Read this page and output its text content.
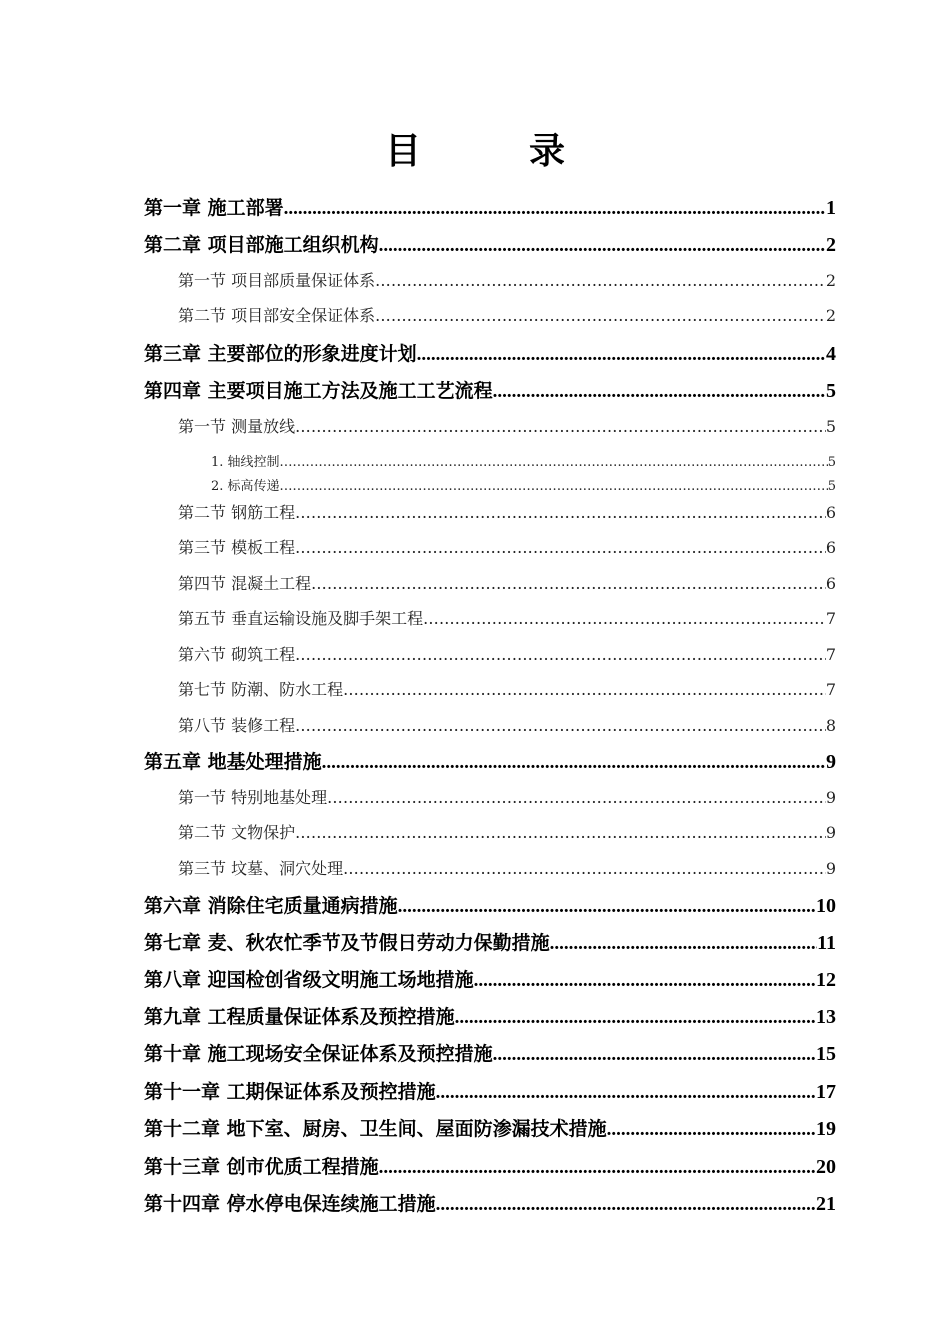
目　录
第一章 施工部署 .....	1
第二章 项目部施工组织机构 .....	2
第一节 项目部质量保证体系 .....	2
第二节 项目部安全保证体系 .....	2
第三章 主要部位的形象进度计划 .....	4
第四章 主要项目施工方法及施工工艺流程 .....	5
第一节 测量放线 .....	5
1. 轴线控制 .....	5
2. 标高传递 .....	5
第二节 钢筋工程 .....	6
第三节 模板工程 .....	6
第四节 混凝土工程 .....	6
第五节 垂直运输设施及脚手架工程 .....	7
第六节 砌筑工程 .....	7
第七节 防潮、防水工程 .....	7
第八节 装修工程 .....	8
第五章 地基处理措施 .....	9
第一节 特别地基处理 .....	9
第二节 文物保护 .....	9
第三节 坟墓、洞穴处理 .....	9
第六章 消除住宅质量通病措施 .....	10
第七章 麦、秋农忙季节及节假日劳动力保勤措施 .....	11
第八章 迎国检创省级文明施工场地措施 .....	12
第九章 工程质量保证体系及预控措施 .....	13
第十章 施工现场安全保证体系及预控措施 .....	15
第十一章 工期保证体系及预控措施 .....	17
第十二章 地下室、厨房、卫生间、屋面防渗漏技术措施 .....	19
第十三章 创市优质工程措施 .....	20
第十四章 停水停电保连续施工措施 .....	21
